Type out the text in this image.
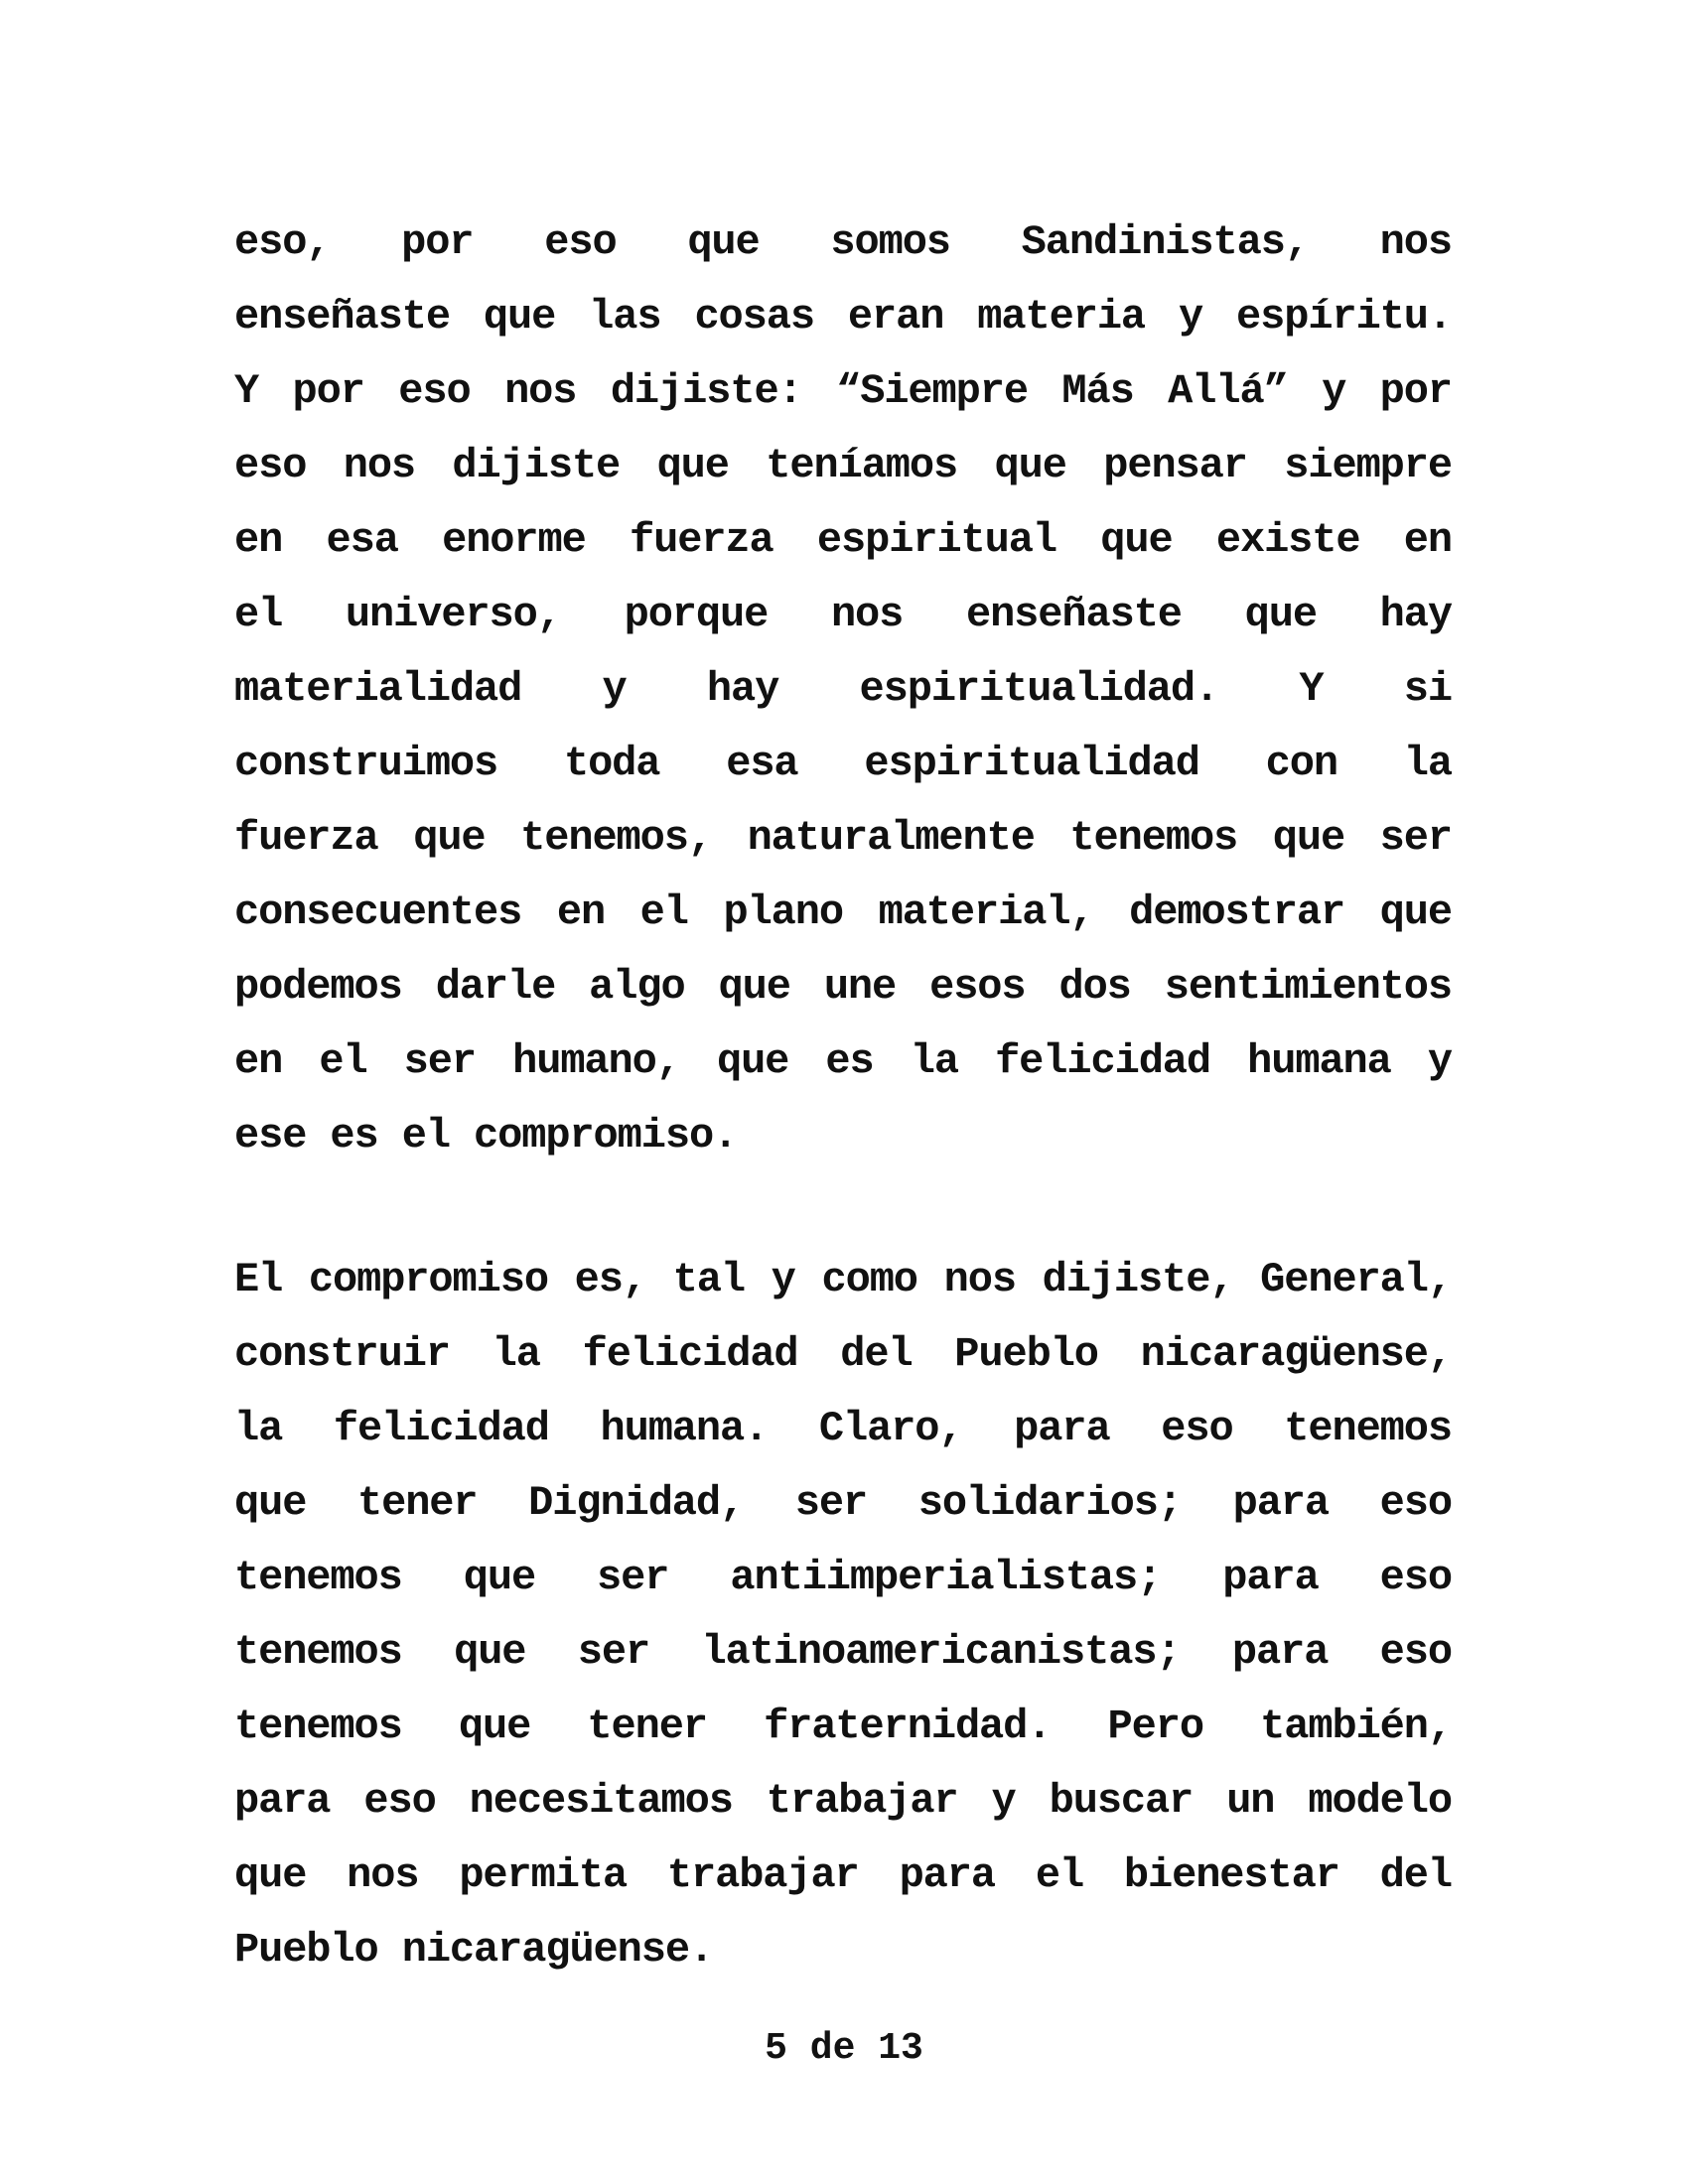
eso, por eso que somos Sandinistas, nos
enseñaste que las cosas eran materia y espíritu.
Y por eso nos dijiste: “Siempre Más Allá” y por
eso nos dijiste que teníamos que pensar siempre
en esa enorme fuerza espiritual que existe en
el universo, porque nos enseñaste que hay
materialidad y hay espiritualidad. Y si
construimos toda esa espiritualidad con la
fuerza que tenemos, naturalmente tenemos que ser
consecuentes en el plano material, demostrar que
podemos darle algo que une esos dos sentimientos
en el ser humano, que es la felicidad humana y
ese es el compromiso.
El compromiso es, tal y como nos dijiste, General,
construir la felicidad del Pueblo nicaragüense,
la felicidad humana. Claro, para eso tenemos
que tener Dignidad, ser solidarios; para eso
tenemos que ser antiimperialistas; para eso
tenemos que ser latinoamericanistas; para eso
tenemos que tener fraternidad. Pero también,
para eso necesitamos trabajar y buscar un modelo
que nos permita trabajar para el bienestar del
Pueblo nicaragüense.
5 de 13
